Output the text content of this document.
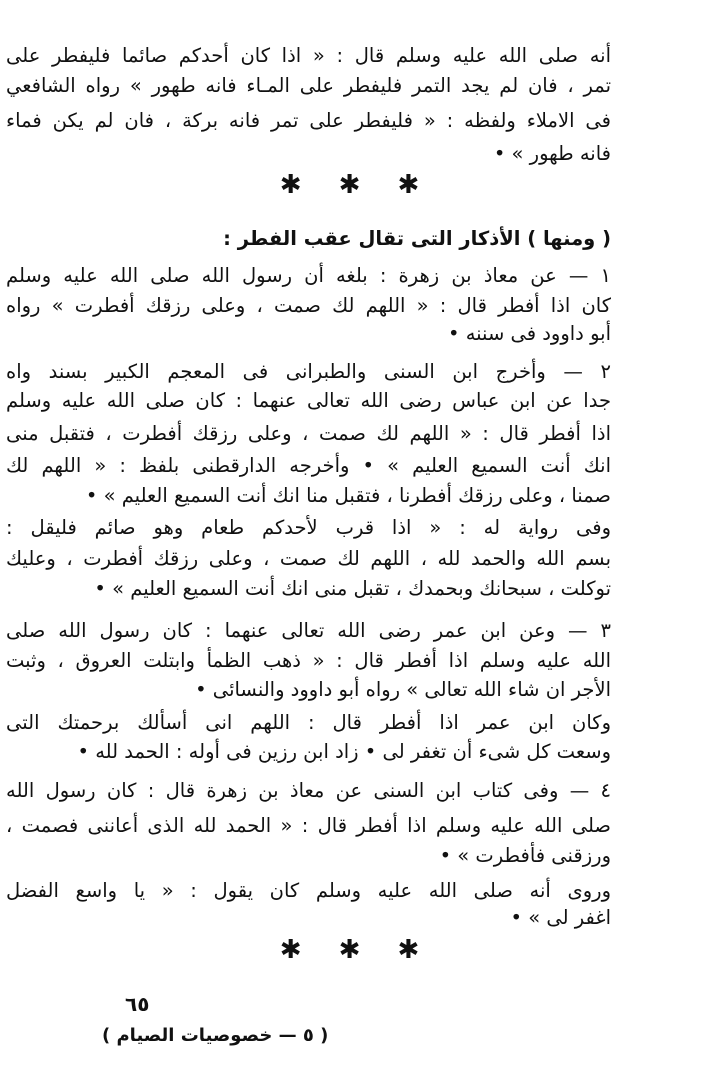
أنه صلى الله عليه وسلم قال : « اذا كان أحدكم صائما فليفطر على
تمر ، فان لم يجد التمر فليفطر على المـاء فانه طهور » رواه الشافعي
فى الاملاء ولفظه : « فليفطر على تمر فانه بركة ، فان لم يكن فماء
فانه طهور » •
✱ ✱ ✱
( ومنها ) الأذكار التى تقال عقب الفطر :
١ — عن معاذ بن زهرة : بلغه أن رسول الله صلى الله عليه وسلم
كان اذا أفطر قال : « اللهم لك صمت ، وعلى رزقك أفطرت » رواه
أبو داوود فى سننه •
٢ — وأخرج ابن السنى والطبرانى فى المعجم الكبير بسند واه
جدا عن ابن عباس رضى الله تعالى عنهما : كان صلى الله عليه وسلم
اذا أفطر قال : « اللهم لك صمت ، وعلى رزقك أفطرت ، فتقبل منى
انك أنت السميع العليم » • وأخرجه الدارقطنى بلفظ : « اللهم لك
صمنا ، وعلى رزقك أفطرنا ، فتقبل منا انك أنت السميع العليم » •
وفى رواية له : « اذا قرب لأحدكم طعام وهو صائم فليقل :
بسم الله والحمد لله ، اللهم لك صمت ، وعلى رزقك أفطرت ، وعليك
توكلت ، سبحانك وبحمدك ، تقبل منى انك أنت السميع العليم » •
٣ — وعن ابن عمر رضى الله تعالى عنهما : كان رسول الله صلى
الله عليه وسلم اذا أفطر قال : « ذهب الظمأ وابتلت العروق ، وثبت
الأجر ان شاء الله تعالى » رواه أبو داوود والنسائى •
وكان ابن عمر اذا أفطر قال : اللهم انى أسألك برحمتك التى
وسعت كل شىء أن تغفر لى • زاد ابن رزين فى أوله : الحمد لله •
٤ — وفى كتاب ابن السنى عن معاذ بن زهرة قال : كان رسول الله
صلى الله عليه وسلم اذا أفطر قال : « الحمد لله الذى أعاننى فصمت ،
ورزقنى فأفطرت » •
وروى أنه صلى الله عليه وسلم كان يقول : « يا واسع الفضل
اغفر لى » •
✱ ✱ ✱
٦٥
( ٥ — خصوصيات الصيام )
